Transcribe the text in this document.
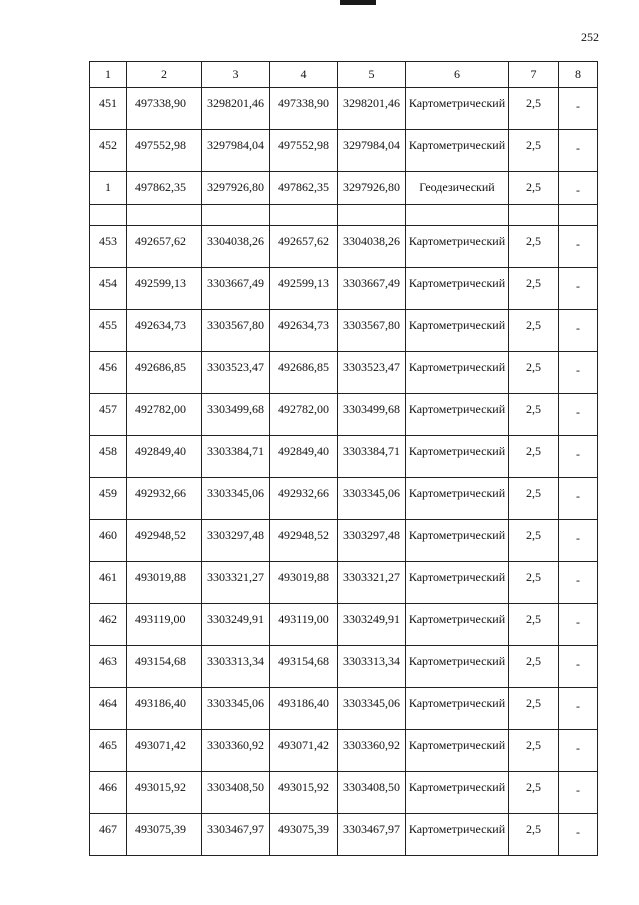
252
1	2	3	4	5	6	7	8

451	497338,90	3298201,46	497338,90	3298201,46	Картометрический	2,5	-

452	497552,98	3297984,04	497552,98	3297984,04	Картометрический	2,5	-

1	497862,35	3297926,80	497862,35	3297926,80	Геодезический	2,5	-

453	492657,62	3304038,26	492657,62	3304038,26	Картометрический	2,5	-

454	492599,13	3303667,49	492599,13	3303667,49	Картометрический	2,5	-

455	492634,73	3303567,80	492634,73	3303567,80	Картометрический	2,5	-

456	492686,85	3303523,47	492686,85	3303523,47	Картометрический	2,5	-

457	492782,00	3303499,68	492782,00	3303499,68	Картометрический	2,5	-

458	492849,40	3303384,71	492849,40	3303384,71	Картометрический	2,5	-

459	492932,66	3303345,06	492932,66	3303345,06	Картометрический	2,5	-

460	492948,52	3303297,48	492948,52	3303297,48	Картометрический	2,5	-

461	493019,88	3303321,27	493019,88	3303321,27	Картометрический	2,5	-

462	493119,00	3303249,91	493119,00	3303249,91	Картометрический	2,5	-

463	493154,68	3303313,34	493154,68	3303313,34	Картометрический	2,5	-

464	493186,40	3303345,06	493186,40	3303345,06	Картометрический	2,5	-

465	493071,42	3303360,92	493071,42	3303360,92	Картометрический	2,5	-

466	493015,92	3303408,50	493015,92	3303408,50	Картометрический	2,5	-

467	493075,39	3303467,97	493075,39	3303467,97	Картометрический	2,5	-
